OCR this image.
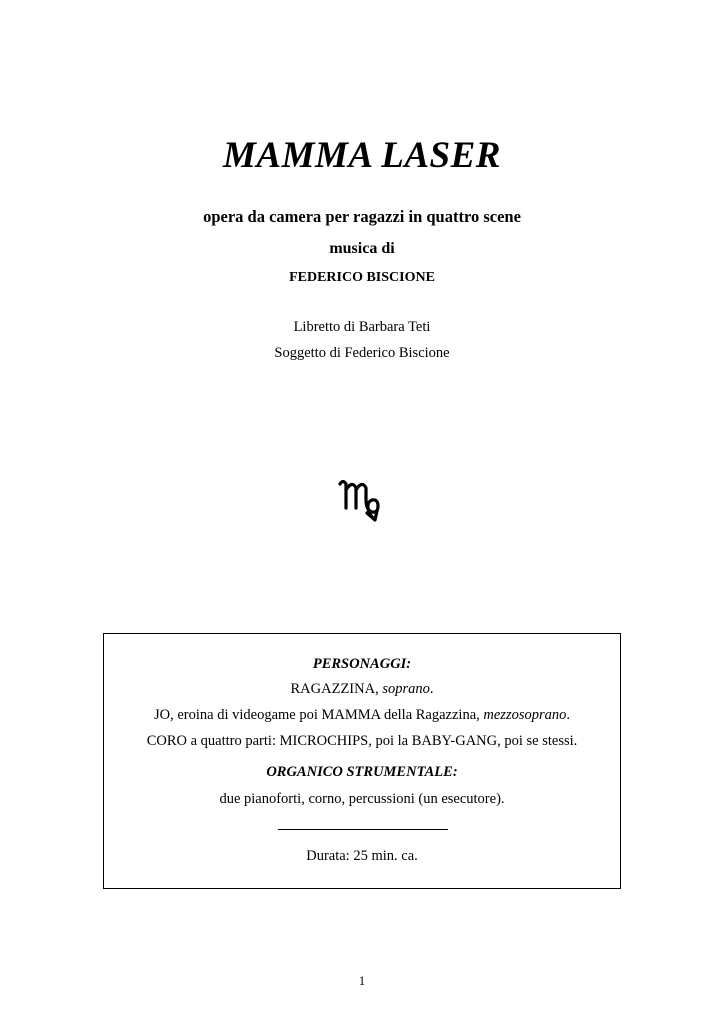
MAMMA LASER
opera da camera per ragazzi in quattro scene
musica di
FEDERICO BISCIONE
Libretto di Barbara Teti
Soggetto di Federico Biscione
PERSONAGGI:
RAGAZZINA, soprano.
JO, eroina di videogame poi MAMMA della Ragazzina, mezzosoprano.
CORO a quattro parti: MICROCHIPS, poi la BABY-GANG, poi se stessi.
ORGANICO STRUMENTALE:
due pianoforti, corno, percussioni (un esecutore).
Durata: 25 min. ca.
1
